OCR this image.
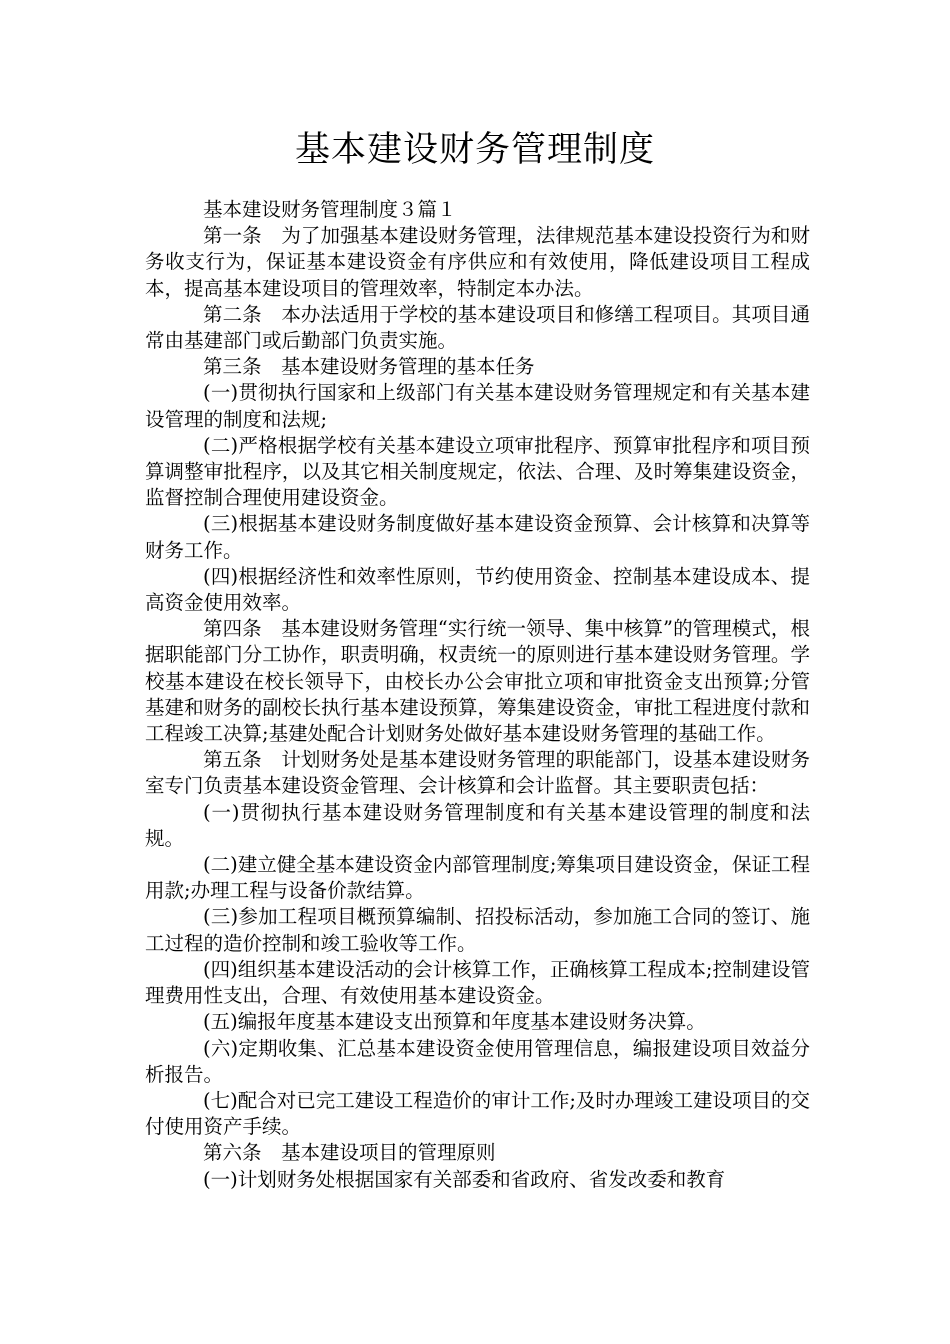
基本建设财务管理制度

基本建设财务管理制度３篇１

第一条　为了加强基本建设财务管理，法律规范基本建设投资行为和财务收支行为，保证基本建设资金有序供应和有效使用，降低建设项目工程成本，提高基本建设项目的管理效率，特制定本办法。

第二条　本办法适用于学校的基本建设项目和修缮工程项目。其项目通常由基建部门或后勤部门负责实施。

第三条　基本建设财务管理的基本任务

(一)贯彻执行国家和上级部门有关基本建设财务管理规定和有关基本建设管理的制度和法规;

(二)严格根据学校有关基本建设立项审批程序、预算审批程序和项目预算调整审批程序，以及其它相关制度规定，依法、合理、及时筹集建设资金，监督控制合理使用建设资金。

(三)根据基本建设财务制度做好基本建设资金预算、会计核算和决算等财务工作。

(四)根据经济性和效率性原则，节约使用资金、控制基本建设成本、提高资金使用效率。

第四条　基本建设财务管理“实行统一领导、集中核算”的管理模式，根据职能部门分工协作，职责明确，权责统一的原则进行基本建设财务管理。学校基本建设在校长领导下，由校长办公会审批立项和审批资金支出预算;分管基建和财务的副校长执行基本建设预算，筹集建设资金，审批工程进度付款和工程竣工决算;基建处配合计划财务处做好基本建设财务管理的基础工作。

第五条　计划财务处是基本建设财务管理的职能部门，设基本建设财务室专门负责基本建设资金管理、会计核算和会计监督。其主要职责包括：

(一)贯彻执行基本建设财务管理制度和有关基本建设管理的制度和法规。

(二)建立健全基本建设资金内部管理制度;筹集项目建设资金，保证工程用款;办理工程与设备价款结算。

(三)参加工程项目概预算编制、招投标活动，参加施工合同的签订、施工过程的造价控制和竣工验收等工作。

(四)组织基本建设活动的会计核算工作，正确核算工程成本;控制建设管理费用性支出，合理、有效使用基本建设资金。

(五)编报年度基本建设支出预算和年度基本建设财务决算。

(六)定期收集、汇总基本建设资金使用管理信息，编报建设项目效益分析报告。

(七)配合对已完工建设工程造价的审计工作;及时办理竣工建设项目的交付使用资产手续。

第六条　基本建设项目的管理原则

(一)计划财务处根据国家有关部委和省政府、省发改委和教育
